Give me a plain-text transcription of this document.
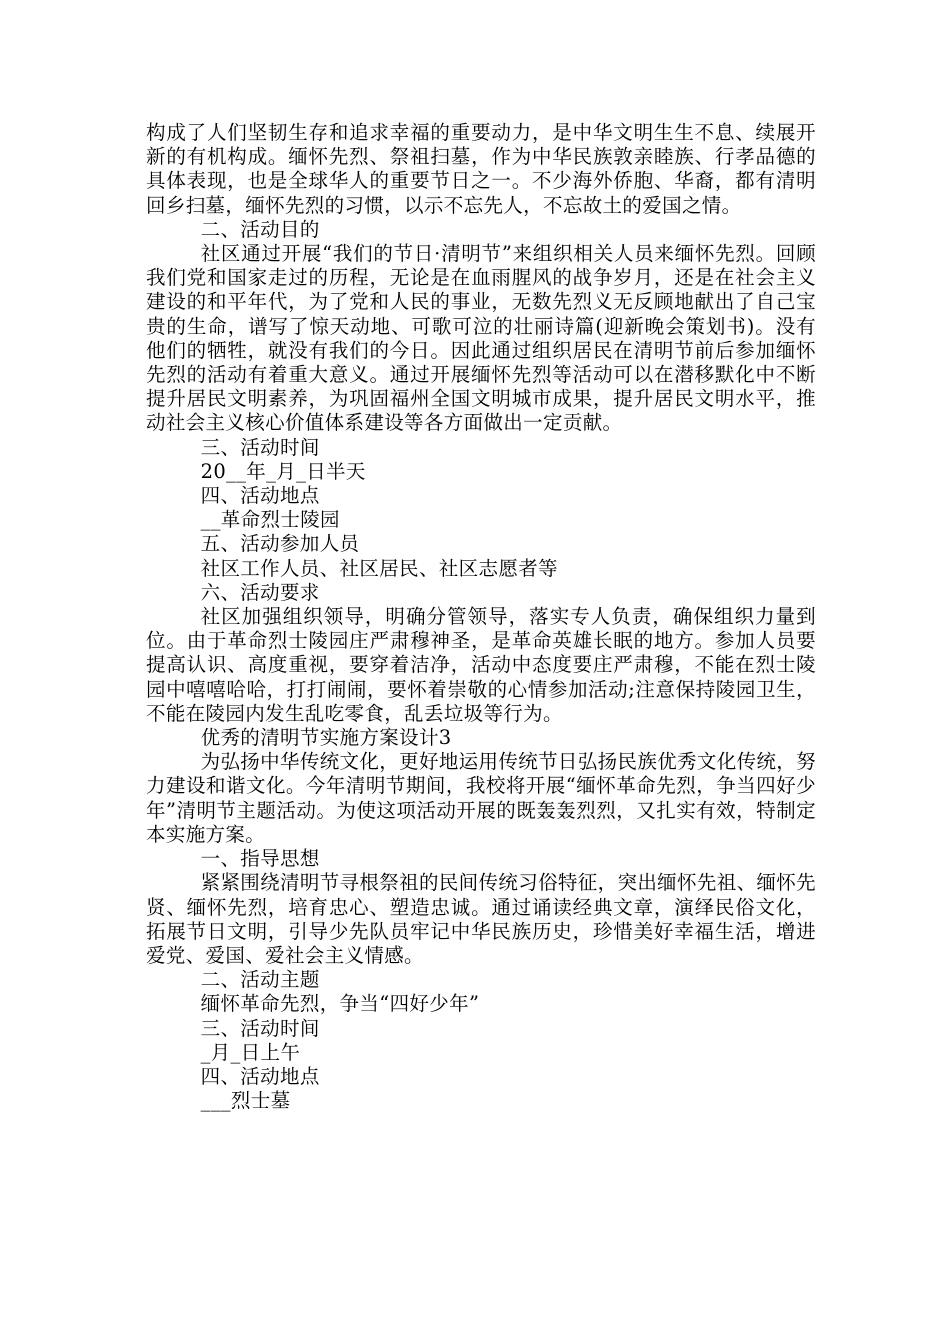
构成了人们坚韧生存和追求幸福的重要动力，是中华文明生生不息、续展开新的有机构成。缅怀先烈、祭祖扫墓，作为中华民族敦亲睦族、行孝品德的具体表现，也是全球华人的重要节日之一。不少海外侨胞、华裔，都有清明回乡扫墓，缅怀先烈的习惯，以示不忘先人，不忘故土的爱国之情。

二、活动目的

社区通过开展“我们的节日·清明节”来组织相关人员来缅怀先烈。回顾我们党和国家走过的历程，无论是在血雨腥风的战争岁月，还是在社会主义建设的和平年代，为了党和人民的事业，无数先烈义无反顾地献出了自己宝贵的生命，谱写了惊天动地、可歌可泣的壮丽诗篇(迎新晚会策划书)。没有他们的牺牲，就没有我们的今日。因此通过组织居民在清明节前后参加缅怀先烈的活动有着重大意义。通过开展缅怀先烈等活动可以在潜移默化中不断提升居民文明素养，为巩固福州全国文明城市成果，提升居民文明水平，推动社会主义核心价值体系建设等各方面做出一定贡献。

三、活动时间

20__年_月_日半天

四、活动地点

__革命烈士陵园

五、活动参加人员

社区工作人员、社区居民、社区志愿者等

六、活动要求

社区加强组织领导，明确分管领导，落实专人负责，确保组织力量到位。由于革命烈士陵园庄严肃穆神圣，是革命英雄长眠的地方。参加人员要提高认识、高度重视，要穿着洁净，活动中态度要庄严肃穆，不能在烈士陵园中嘻嘻哈哈，打打闹闹，要怀着崇敬的心情参加活动;注意保持陵园卫生，不能在陵园内发生乱吃零食，乱丢垃圾等行为。

优秀的清明节实施方案设计3

为弘扬中华传统文化，更好地运用传统节日弘扬民族优秀文化传统，努力建设和谐文化。今年清明节期间，我校将开展“缅怀革命先烈，争当四好少年”清明节主题活动。为使这项活动开展的既轰轰烈烈，又扎实有效，特制定本实施方案。

一、指导思想

紧紧围绕清明节寻根祭祖的民间传统习俗特征，突出缅怀先祖、缅怀先贤、缅怀先烈，培育忠心、塑造忠诚。通过诵读经典文章，演绎民俗文化，拓展节日文明，引导少先队员牢记中华民族历史，珍惜美好幸福生活，增进爱党、爱国、爱社会主义情感。

二、活动主题

缅怀革命先烈，争当“四好少年”

三、活动时间

_月_日上午

四、活动地点

___烈士墓
